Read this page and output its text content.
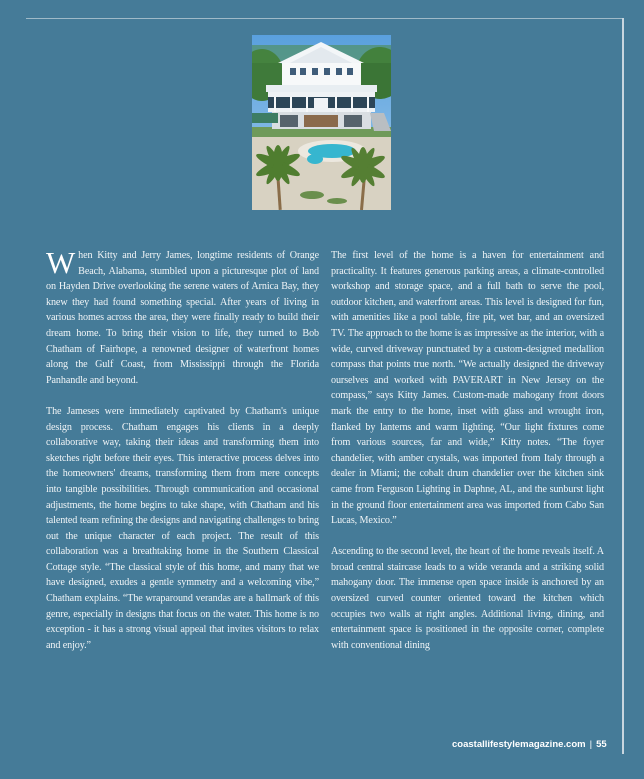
When Kitty and Jerry James, longtime residents of Orange Beach, Alabama, stumbled upon a picturesque plot of land on Hayden Drive overlooking the serene waters of Arnica Bay, they knew they had found something special. After years of living in various homes across the area, they were finally ready to build their dream home. To bring their vision to life, they turned to Bob Chatham of Fairhope, a renowned designer of waterfront homes along the Gulf Coast, from Mississippi through the Florida Panhandle and beyond.

The Jameses were immediately captivated by Chatham's unique design process. Chatham engages his clients in a deeply collaborative way, taking their ideas and transforming them into sketches right before their eyes. This interactive process delves into the homeowners' dreams, transforming them from mere concepts into tangible possibilities. Through communication and occasional adjustments, the home begins to take shape, with Chatham and his talented team refining the designs and navigating challenges to bring out the unique character of each project. The result of this collaboration was a breathtaking home in the Southern Classical Cottage style. “The classical style of this home, and many that we have designed, exudes a gentle symmetry and a welcoming vibe,” Chatham explains. “The wraparound verandas are a hallmark of this genre, especially in designs that focus on the water. This home is no exception - it has a strong visual appeal that invites visitors to relax and enjoy.”

The first level of the home is a haven for entertainment and practicality. It features generous parking areas, a climate-controlled workshop and storage space, and a full bath to serve the pool, outdoor kitchen, and waterfront areas. This level is designed for fun, with amenities like a pool table, fire pit, wet bar, and an oversized TV. The approach to the home is as impressive as the interior, with a wide, curved driveway punctuated by a custom-designed medallion compass that points true north. “We actually designed the driveway ourselves and worked with PAVERART in New Jersey on the compass,” says Kitty James. Custom-made mahogany front doors mark the entry to the home, inset with glass and wrought iron, flanked by lanterns and warm lighting. “Our light fixtures come from various sources, far and wide,” Kitty notes. “The foyer chandelier, with amber crystals, was imported from Italy through a dealer in Miami; the cobalt drum chandelier over the kitchen sink came from Ferguson Lighting in Daphne, AL, and the sunburst light in the ground floor entertainment area was imported from Cabo San Lucas, Mexico.”

Ascending to the second level, the heart of the home reveals itself. A broad central staircase leads to a wide veranda and a striking solid mahogany door. The immense open space inside is anchored by an oversized curved counter oriented toward the kitchen which occupies two walls at right angles. Additional living, dining, and entertainment space is positioned in the opposite corner, complete with conventional dining

coastallifestylemagazine.com | 55
